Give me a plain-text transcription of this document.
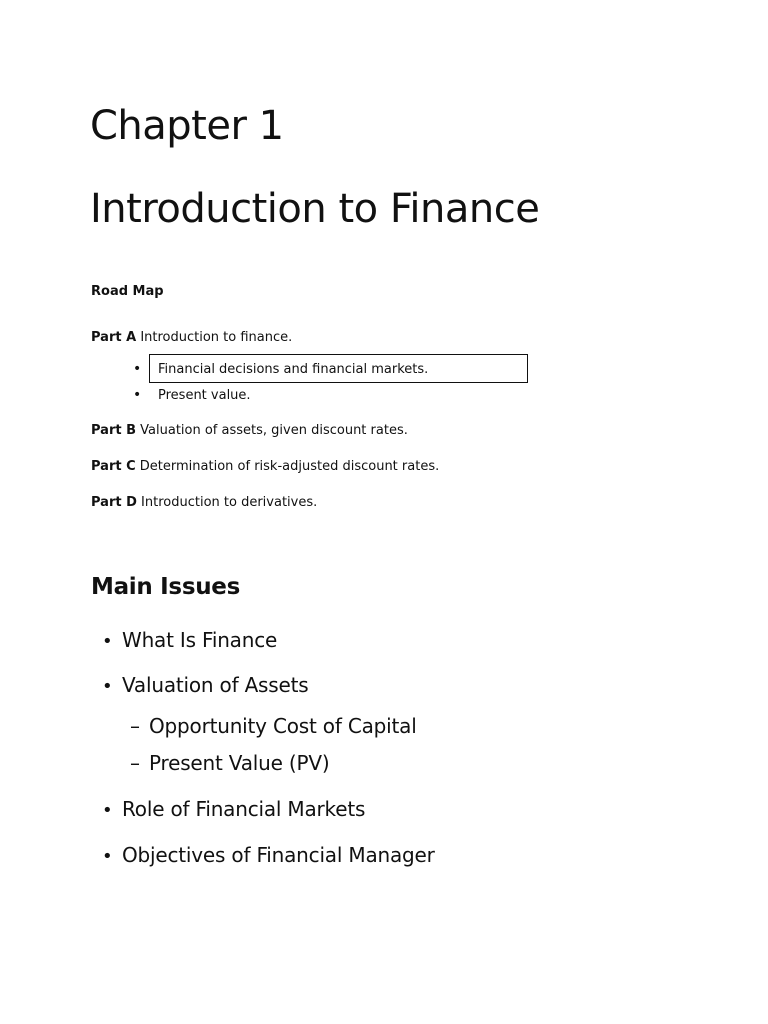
Chapter 1
Introduction to Finance
Road Map
Part A Introduction to finance.
• Financial decisions and financial markets.
• Present value.
Part B Valuation of assets, given discount rates.
Part C Determination of risk-adjusted discount rates.
Part D Introduction to derivatives.
Main Issues
• What Is Finance
• Valuation of Assets
– Opportunity Cost of Capital
– Present Value (PV)
• Role of Financial Markets
• Objectives of Financial Manager
